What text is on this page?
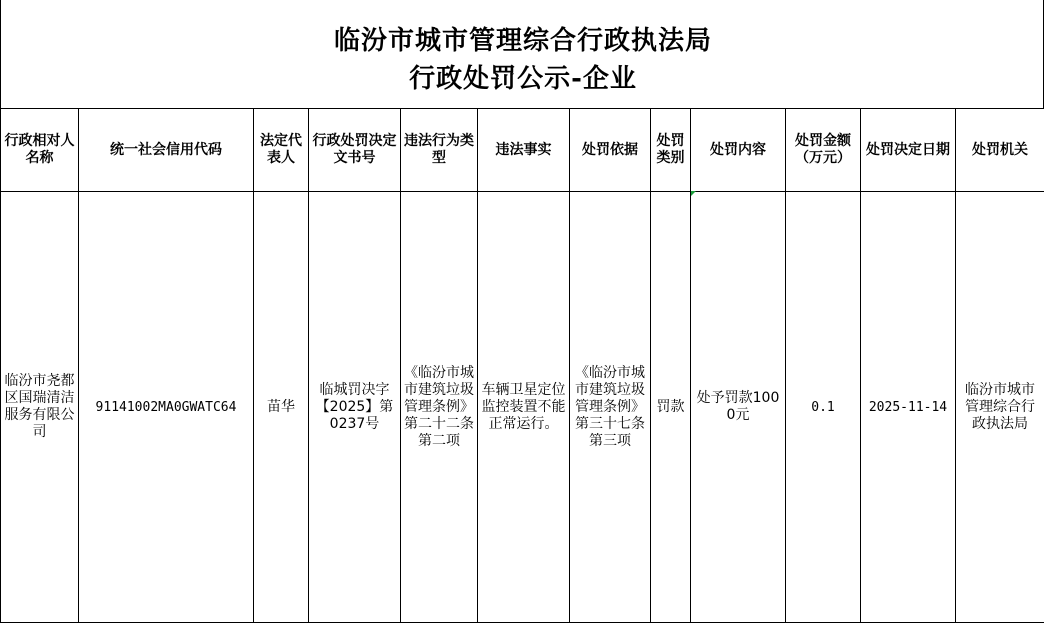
临汾市城市管理综合行政执法局
行政处罚公示-企业
行政相对人名称	统一社会信用代码	法定代表人	行政处罚决定文书号	违法行为类型	违法事实	处罚依据	处罚类别	处罚内容	处罚金额（万元）	处罚决定日期	处罚机关
临汾市尧都区国瑞清洁服务有限公司	91141002MA0GWATC64	苗华	临城罚决字【2025】第0237号	《临汾市城市建筑垃圾管理条例》第二十二条第二项	车辆卫星定位监控装置不能正常运行。	《临汾市城市建筑垃圾管理条例》第三十七条第三项	罚款	处予罚款1000元	0.1	2025-11-14	临汾市城市管理综合行政执法局
